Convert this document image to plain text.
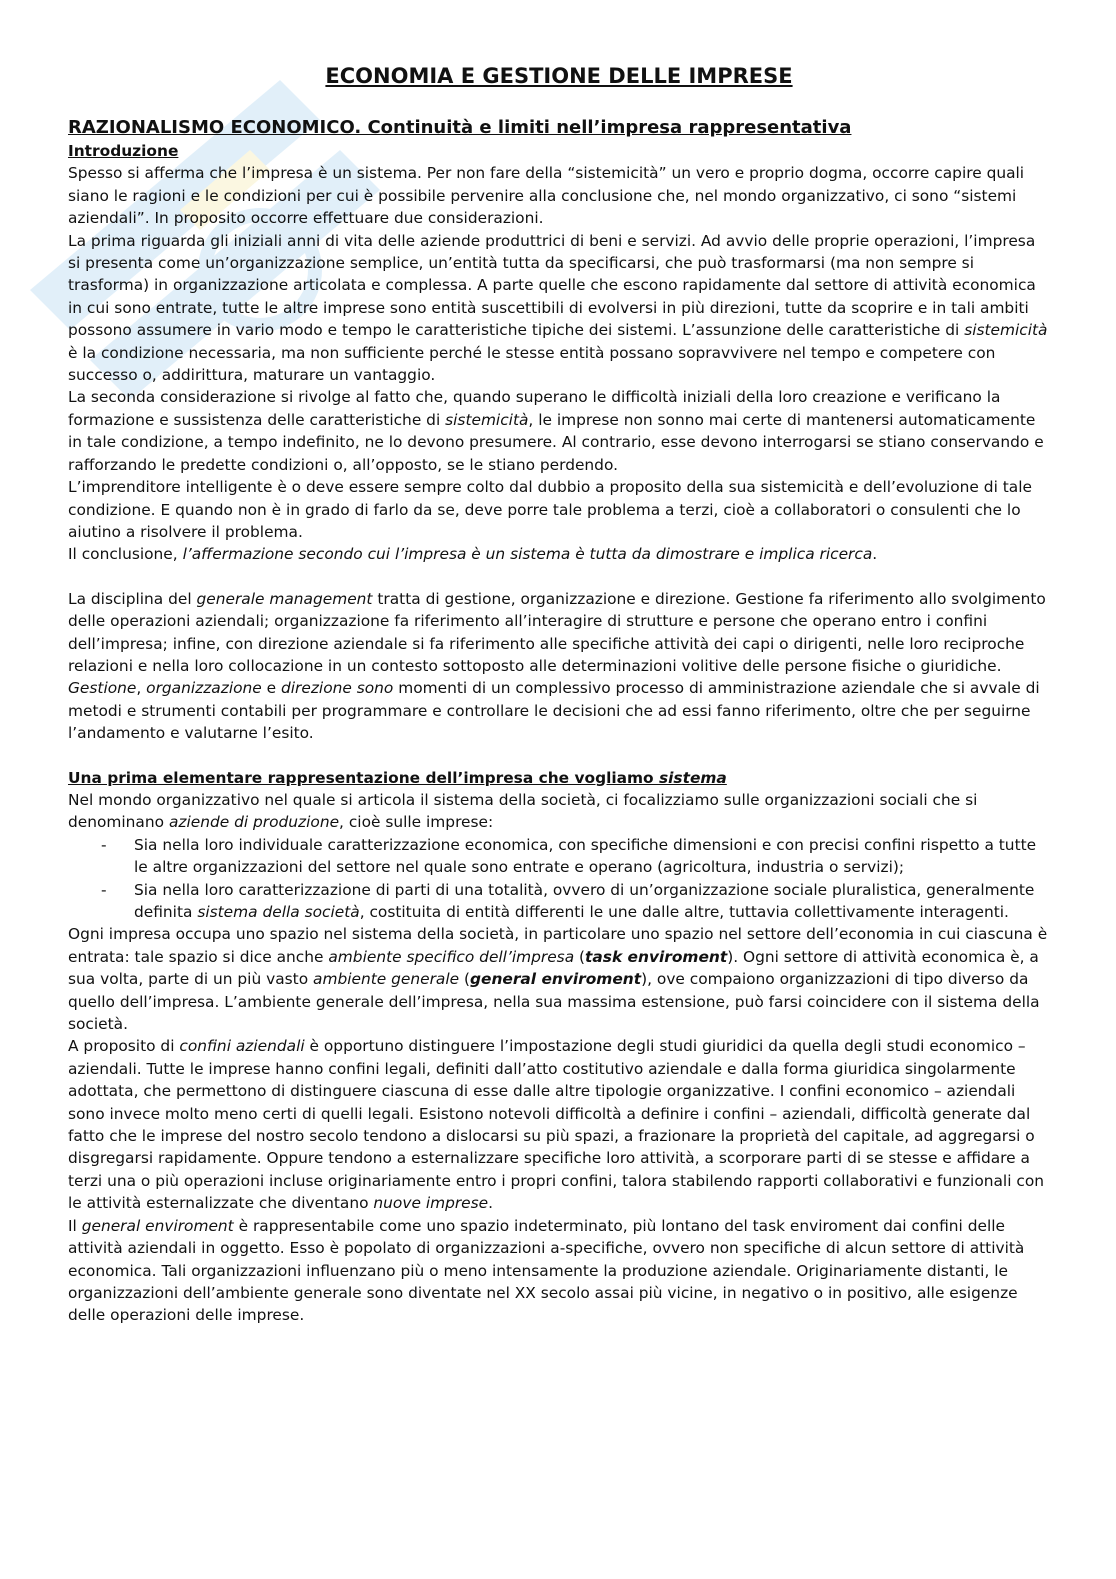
ECONOMIA E GESTIONE DELLE IMPRESE
RAZIONALISMO ECONOMICO. Continuità e limiti nell’impresa rappresentativa
Introduzione

Spesso si afferma che l’impresa è un sistema. Per non fare della “sistemicità” un vero e proprio dogma, occorre capire quali siano le ragioni e le condizioni per cui è possibile pervenire alla conclusione che, nel mondo organizzativo, ci sono “sistemi aziendali”. In proposito occorre effettuare due considerazioni.

La prima riguarda gli iniziali anni di vita delle aziende produttrici di beni e servizi. Ad avvio delle proprie operazioni, l’impresa si presenta come un’organizzazione semplice, un’entità tutta da specificarsi, che può trasformarsi (ma non sempre si trasforma) in organizzazione articolata e complessa. A parte quelle che escono rapidamente dal settore di attività economica in cui sono entrate, tutte le altre imprese sono entità suscettibili di evolversi in più direzioni, tutte da scoprire e in tali ambiti possono assumere in vario modo e tempo le caratteristiche tipiche dei sistemi. L’assunzione delle caratteristiche di sistemicità è la condizione necessaria, ma non sufficiente perché le stesse entità possano sopravvivere nel tempo e competere con successo o, addirittura, maturare un vantaggio.

La seconda considerazione si rivolge al fatto che, quando superano le difficoltà iniziali della loro creazione e verificano la formazione e sussistenza delle caratteristiche di sistemicità, le imprese non sonno mai certe di mantenersi automaticamente in tale condizione, a tempo indefinito, ne lo devono presumere. Al contrario, esse devono interrogarsi se stiano conservando e rafforzando le predette condizioni o, all’opposto, se le stiano perdendo.

L’imprenditore intelligente è o deve essere sempre colto dal dubbio a proposito della sua sistemicità e dell’evoluzione di tale condizione. E quando non è in grado di farlo da se, deve porre tale problema a terzi, cioè a collaboratori o consulenti che lo aiutino a risolvere il problema.

Il conclusione, l’affermazione secondo cui l’impresa è un sistema è tutta da dimostrare e implica ricerca.

La disciplina del generale management tratta di gestione, organizzazione e direzione. Gestione fa riferimento allo svolgimento delle operazioni aziendali; organizzazione fa riferimento all’interagire di strutture e persone che operano entro i confini dell’impresa; infine, con direzione aziendale si fa riferimento alle specifiche attività dei capi o dirigenti, nelle loro reciproche relazioni e nella loro collocazione in un contesto sottoposto alle determinazioni volitive delle persone fisiche o giuridiche. Gestione, organizzazione e direzione sono momenti di un complessivo processo di amministrazione aziendale che si avvale di metodi e strumenti contabili per programmare e controllare le decisioni che ad essi fanno riferimento, oltre che per seguirne l’andamento e valutarne l’esito.

Una prima elementare rappresentazione dell’impresa che vogliamo sistema

Nel mondo organizzativo nel quale si articola il sistema della società, ci focalizziamo sulle organizzazioni sociali che si denominano aziende di produzione, cioè sulle imprese:

- Sia nella loro individuale caratterizzazione economica, con specifiche dimensioni e con precisi confini rispetto a tutte le altre organizzazioni del settore nel quale sono entrate e operano (agricoltura, industria o servizi);
- Sia nella loro caratterizzazione di parti di una totalità, ovvero di un’organizzazione sociale pluralistica, generalmente definita sistema della società, costituita di entità differenti le une dalle altre, tuttavia collettivamente interagenti.

Ogni impresa occupa uno spazio nel sistema della società, in particolare uno spazio nel settore dell’economia in cui ciascuna è entrata: tale spazio si dice anche ambiente specifico dell’impresa (task enviroment). Ogni settore di attività economica è, a sua volta, parte di un più vasto ambiente generale (general enviroment), ove compaiono organizzazioni di tipo diverso da quello dell’impresa. L’ambiente generale dell’impresa, nella sua massima estensione, può farsi coincidere con il sistema della società.

A proposito di confini aziendali è opportuno distinguere l’impostazione degli studi giuridici da quella degli studi economico – aziendali. Tutte le imprese hanno confini legali, definiti dall’atto costitutivo aziendale e dalla forma giuridica singolarmente adottata, che permettono di distinguere ciascuna di esse dalle altre tipologie organizzative. I confini economico – aziendali sono invece molto meno certi di quelli legali. Esistono notevoli difficoltà a definire i confini – aziendali, difficoltà generate dal fatto che le imprese del nostro secolo tendono a dislocarsi su più spazi, a frazionare la proprietà del capitale, ad aggregarsi o disgregarsi rapidamente. Oppure tendono a esternalizzare specifiche loro attività, a scorporare parti di se stesse e affidare a terzi una o più operazioni incluse originariamente entro i propri confini, talora stabilendo rapporti collaborativi e funzionali con le attività esternalizzate che diventano nuove imprese.

Il general enviroment è rappresentabile come uno spazio indeterminato, più lontano del task enviroment dai confini delle attività aziendali in oggetto. Esso è popolato di organizzazioni a-specifiche, ovvero non specifiche di alcun settore di attività economica. Tali organizzazioni influenzano più o meno intensamente la produzione aziendale. Originariamente distanti, le organizzazioni dell’ambiente generale sono diventate nel XX secolo assai più vicine, in negativo o in positivo, alle esigenze delle operazioni delle imprese.
